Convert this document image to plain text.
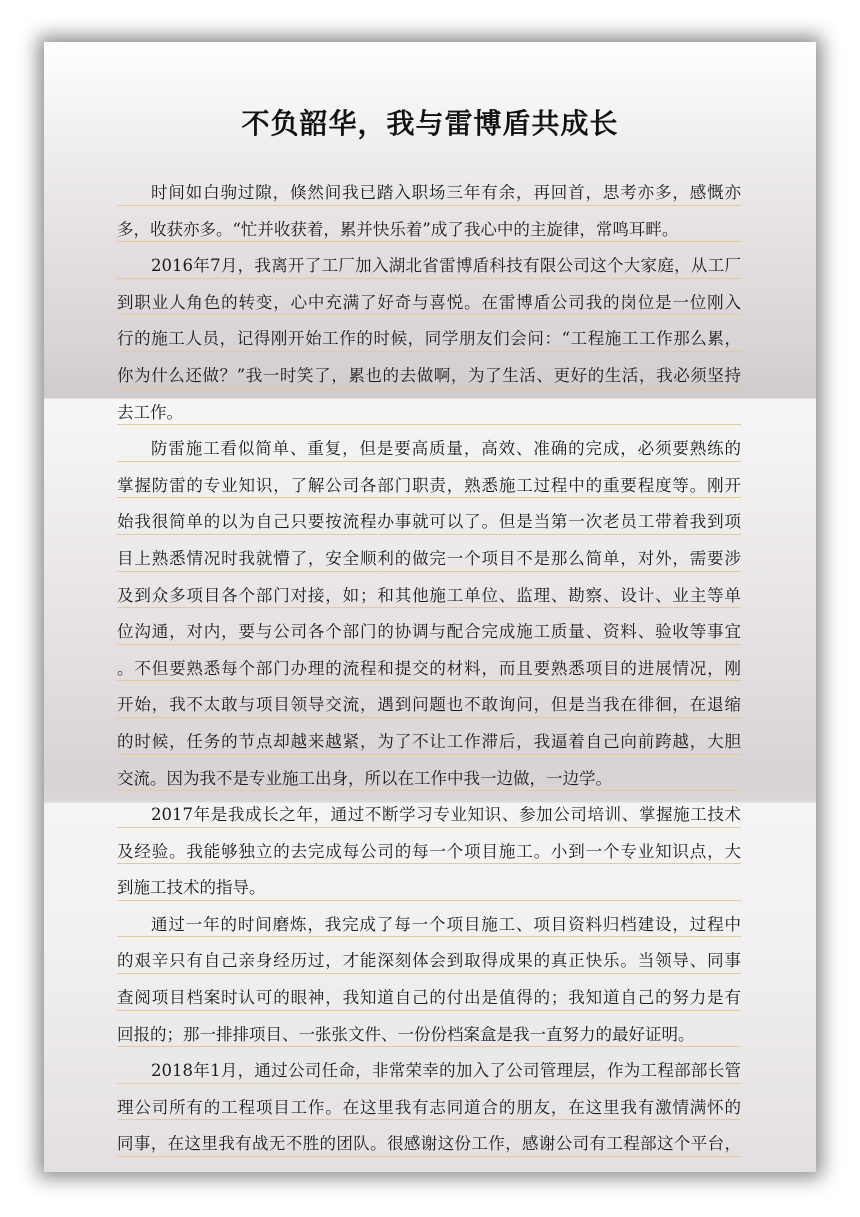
不负韶华，我与雷博盾共成长
时间如白驹过隙，倏然间我已踏入职场三年有余，再回首，思考亦多，感慨亦
多，收获亦多。“忙并收获着，累并快乐着”成了我心中的主旋律，常鸣耳畔。
2016年7月，我离开了工厂加入湖北省雷博盾科技有限公司这个大家庭，从工厂
到职业人角色的转变，心中充满了好奇与喜悦。在雷博盾公司我的岗位是一位刚入
行的施工人员，记得刚开始工作的时候，同学朋友们会问：“工程施工工作那么累，
你为什么还做？”我一时笑了，累也的去做啊，为了生活、更好的生活，我必须坚持
去工作。
防雷施工看似简单、重复，但是要高质量，高效、准确的完成，必须要熟练的
掌握防雷的专业知识，了解公司各部门职责，熟悉施工过程中的重要程度等。刚开
始我很简单的以为自己只要按流程办事就可以了。但是当第一次老员工带着我到项
目上熟悉情况时我就懵了，安全顺利的做完一个项目不是那么简单，对外，需要涉
及到众多项目各个部门对接，如；和其他施工单位、监理、勘察、设计、业主等单
位沟通，对内，要与公司各个部门的协调与配合完成施工质量、资料、验收等事宜
。不但要熟悉每个部门办理的流程和提交的材料，而且要熟悉项目的进展情况，刚
开始，我不太敢与项目领导交流，遇到问题也不敢询问，但是当我在徘徊，在退缩
的时候，任务的节点却越来越紧，为了不让工作滞后，我逼着自己向前跨越，大胆
交流。因为我不是专业施工出身，所以在工作中我一边做，一边学。
2017年是我成长之年，通过不断学习专业知识、参加公司培训、掌握施工技术
及经验。我能够独立的去完成每公司的每一个项目施工。小到一个专业知识点，大
到施工技术的指导。
通过一年的时间磨炼，我完成了每一个项目施工、项目资料归档建设，过程中
的艰辛只有自己亲身经历过，才能深刻体会到取得成果的真正快乐。当领导、同事
查阅项目档案时认可的眼神，我知道自己的付出是值得的；我知道自己的努力是有
回报的；那一排排项目、一张张文件、一份份档案盒是我一直努力的最好证明。
2018年1月，通过公司任命，非常荣幸的加入了公司管理层，作为工程部部长管
理公司所有的工程项目工作。在这里我有志同道合的朋友，在这里我有激情满怀的
同事，在这里我有战无不胜的团队。很感谢这份工作，感谢公司有工程部这个平台，
